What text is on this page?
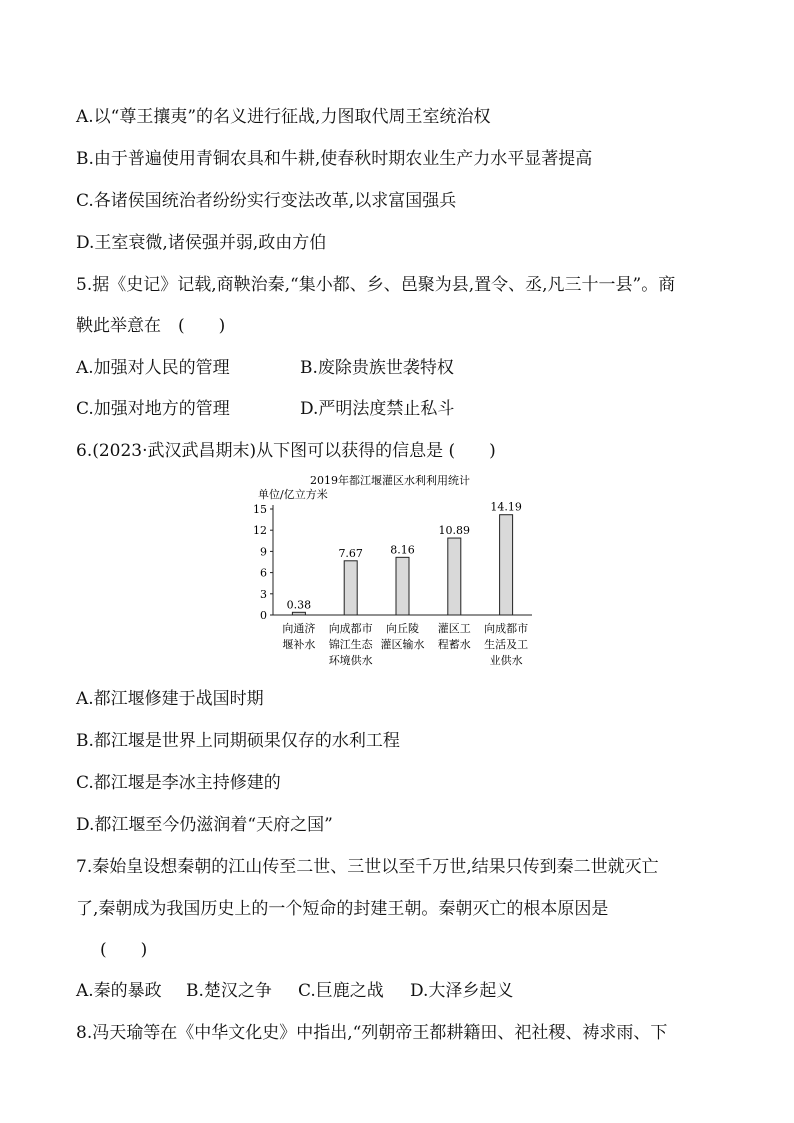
A.以“尊王攘夷”的名义进行征战,力图取代周王室统治权
B.由于普遍使用青铜农具和牛耕,使春秋时期农业生产力水平显著提高
C.各诸侯国统治者纷纷实行变法改革,以求富国强兵
D.王室衰微,诸侯强并弱,政由方伯
5.据《史记》记载,商鞅治秦,“集小都、乡、邑聚为县,置令、丞,凡三十一县”。商
鞅此举意在　(　　)
A.加强对人民的管理	B.废除贵族世袭特权
C.加强对地方的管理	D.严明法度禁止私斗
6.(2023·武汉武昌期末)从下图可以获得的信息是 (　　)
2019年都江堰灌区水利利用统计
单位/亿立方米
0
3
6
9
12
15
0.38
7.67 8.16
10.89
14.19
向通济
堰补水
向成都市
锦江生态
环境供水
向丘陵
灌区输水
灌区工
程蓄水
向成都市
生活及工
业供水
A.都江堰修建于战国时期
B.都江堰是世界上同期硕果仅存的水利工程
C.都江堰是李冰主持修建的
D.都江堰至今仍滋润着“天府之国”
7.秦始皇设想秦朝的江山传至二世、三世以至千万世,结果只传到秦二世就灭亡
了,秦朝成为我国历史上的一个短命的封建王朝。秦朝灭亡的根本原因是
(　　)
A.秦的暴政 B.楚汉之争 C.巨鹿之战 D.大泽乡起义
8.冯天瑜等在《中华文化史》中指出,“列朝帝王都耕籍田、祀社稷、祷求雨、下
